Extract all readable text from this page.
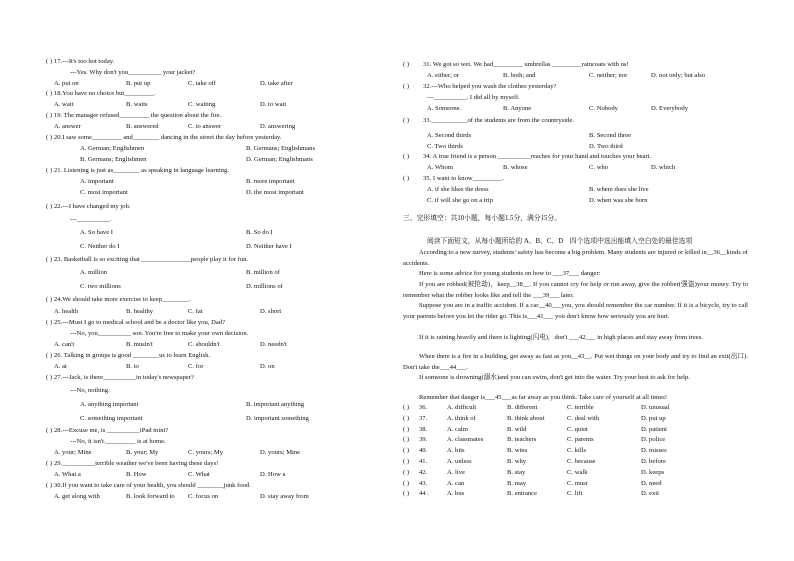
( ) 17.---It's too hot today.
---Yes. Why don't you__________ your jacket?
A. put on	B. put up	C. take off	D. take after
( ) 18.You have no choice but_________.
A. wait	B. waits	C. waiting	D. to wait
( ) 19. The manager refused_________ the question about the fire.
A. answer	B. answered	C. to answer	D. answering
( ) 20.I saw some_________ and________ dancing in the street the day before yesterday.
A. German; Englishmen	B. Germans; Englishmans
B. Germans; Englishmen	D. German; Englishmans
( ) 21. Listening is just as________ as speaking in language learning.
A. important	B. more important
C. most important	D. the most important
( ) 22.---I have changed my job.
---__________.
A. So have I	B. So do I
C. Neither do I	D. Neither have I
( ) 23. Basketball is so exciting that _______________people play it for fun.
A. million	B. million of
C. two millions	D. millions of
( ) 24.We should take more exercise to keep________.
A. health	B. healthy	C. fat	D. short
( ) 25.---Must I go to medical school and be a doctor like you, Dad?
---No, you__________ son. You're free to make your own decision.
A. can't	B. mustn't	C. shouldn't	D. needn't
( ) 26. Talking in groups is good ________us to learn English.
A. at	B. to	C. for	D. on
( ) 27.---Jack, is there__________in today's newspaper?
---No, nothing.
A. anything important	B. important anything
C. something important	D. important something
( ) 28.---Excuse me, is __________iPad mini?
---No, it isn't._________ is at home.
A. your; Mine	B. your; My	C. yours; My	D. yours; Mine
( ) 29.__________terrible weather we've been having these days!
A. What a	B. How	C. What	D. How a
( ) 30.If you want to take care of your health, you should ________junk food.
A. get along with	B. look forward to C. focus on	D. stay away from
( ) 31. We got so wet. We had_________ umbrellas _________raincoats with us!
A. either; or	B. both; and	C. neither; nor	D. not only; but also
( ) 32.---Who helped you wash the clothes yesterday?
---__________. I did all by myself.
A. Someone.	B. Anyone	C. Nobody	D. Everybody
( ) 33.___________of the students are from the countryside.
A. Second thirds	B. Second three
C. Two thirds	D. Two third
( ) 34. A true friend is a person __________reaches for your hand and touches your heart.
A. Whom	B. whose	C. who	D. which
( ) 35. I want to know_________.
A. if she likes the dress	B. where does she live
C. if will she go on a trip	D. when was she born
三、完形填空：共10小题，每小题1.5分，满分15分。
阅读下面短文，从每小题所给的 A、B、C、D　四个选项中选出能填入空白处的最佳选项
According to a new survey, students' safety has become a big problem. Many students are injured or killed in__36__kinds of accidents.
Here is some advice for young students on how to ___37___ danger:
If you are robbed(被抢劫)，keep__38__. If you cannot cry for help or run away, give the robber(强盗)your money. Try to remember what the robber looks like and tell the ___39___ later.
Suppose you are in a traffic accident. If a car__40___you, you should remember the car number. If it is a bicycle, try to call your parents before you let the rider go. This is___41___ you don't know how seriously you are hurt.
If it is raining heavily and there is lighting(闪电)，don't ___42___ in high places and stay away from trees.
When there is a fire in a building, get away as fast as you__43__. Put wet things on your body and try to find an exit(出口). Don't take the___44___.
If someone is drowning(溺水)and you can swim, don't get into the water. Try your best to ask for help.
Remember that danger is___45___as far away as you think. Take care of yourself at all times!
( ) 36.	A. difficult	B. different	C. terrible	D. unusual
( ) 37.	A. think of	B. think about	C. deal with	D. put up
( ) 38.	A. calm	B. wild	C. quiet	D. patient
( ) 39.	A. classmates	B. teachers	C. parents	D. police
( ) 40.	A. hits	B. wins	C. kills	D. misses
( ) 41.	A. unless	B. why	C. because	D. before
( ) 42.	A. live	B. stay	C. walk	D. keeps
( ) 43.	A. can	B. may	C. must	D. need
( ) 44 .	A. bus	B. entrance	C. lift	D. exit
